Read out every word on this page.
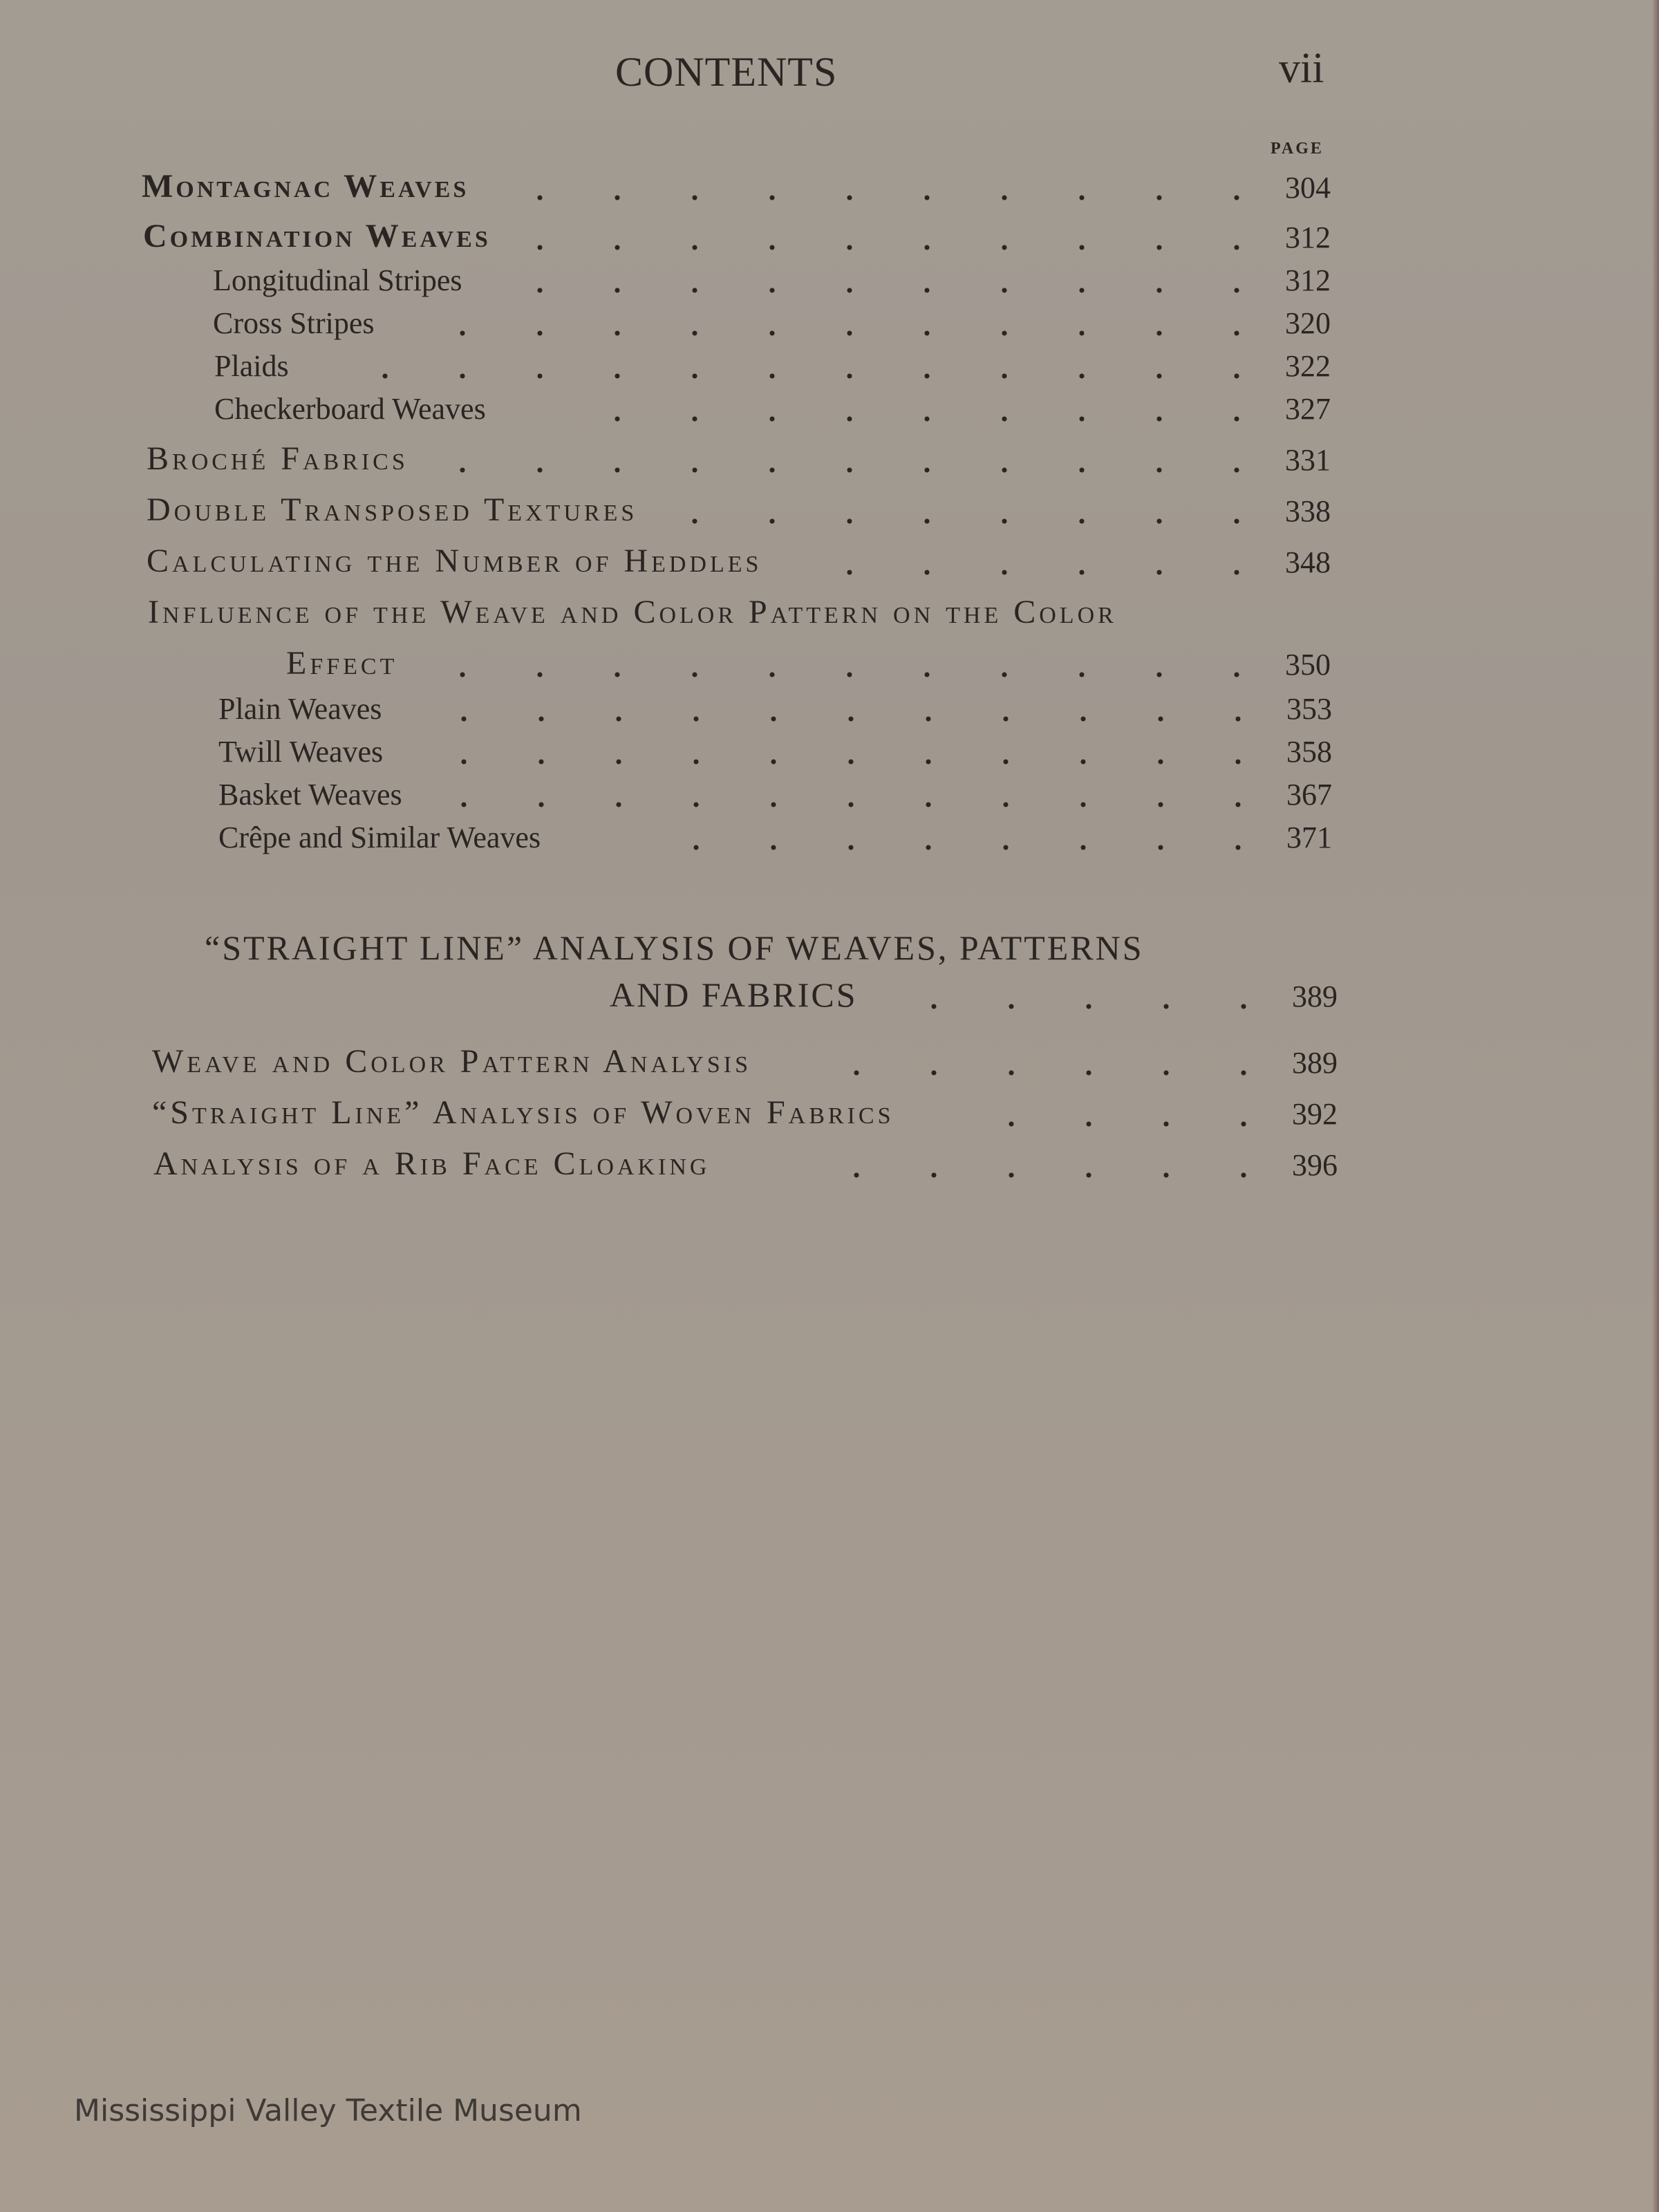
CONTENTS	vii
PAGE
Montagnac Weaves	304
Combination Weaves	312
Longitudinal Stripes	312
Cross Stripes	320
Plaids	322
Checkerboard Weaves	327
Broché Fabrics	331
Double Transposed Textures	338
Calculating the Number of Heddles	348
Influence of the Weave and Color Pattern on the Color
Effect	350
Plain Weaves	353
Twill Weaves	358
Basket Weaves	367
Crêpe and Similar Weaves	371
“STRAIGHT LINE” ANALYSIS OF WEAVES, PATTERNS
AND FABRICS	389
Weave and Color Pattern Analysis	389
“Straight Line” Analysis of Woven Fabrics	392
Analysis of a Rib Face Cloaking	396
Mississippi Valley Textile Museum
